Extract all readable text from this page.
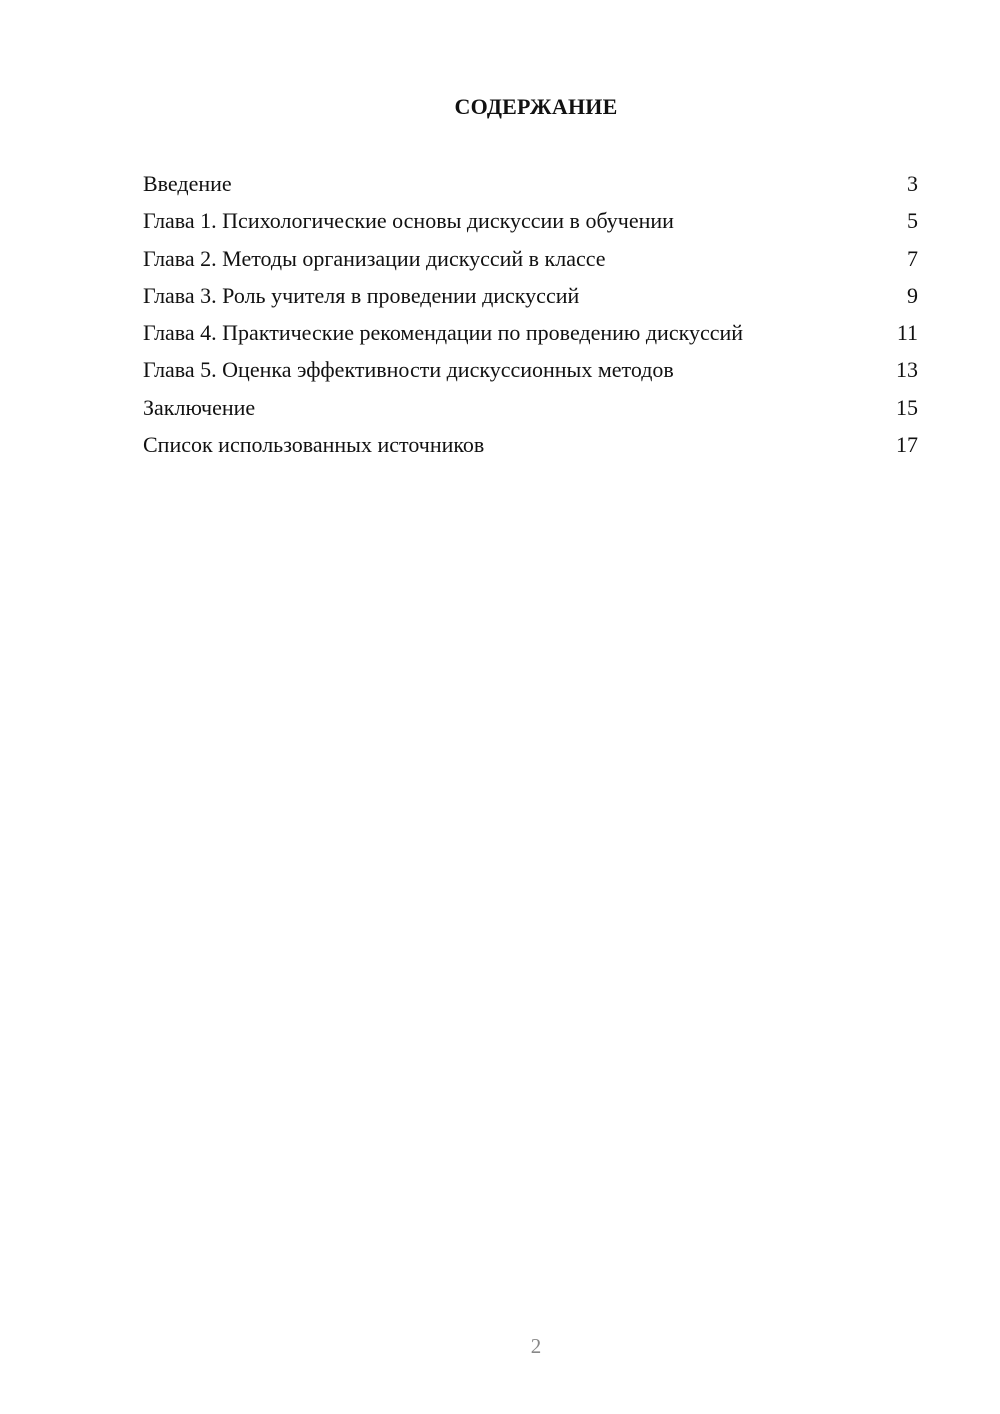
СОДЕРЖАНИЕ
Введение	3
Глава 1. Психологические основы дискуссии в обучении	5
Глава 2. Методы организации дискуссий в классе	7
Глава 3. Роль учителя в проведении дискуссий	9
Глава 4. Практические рекомендации по проведению дискуссий	11
Глава 5. Оценка эффективности дискуссионных методов	13
Заключение	15
Список использованных источников	17
2
